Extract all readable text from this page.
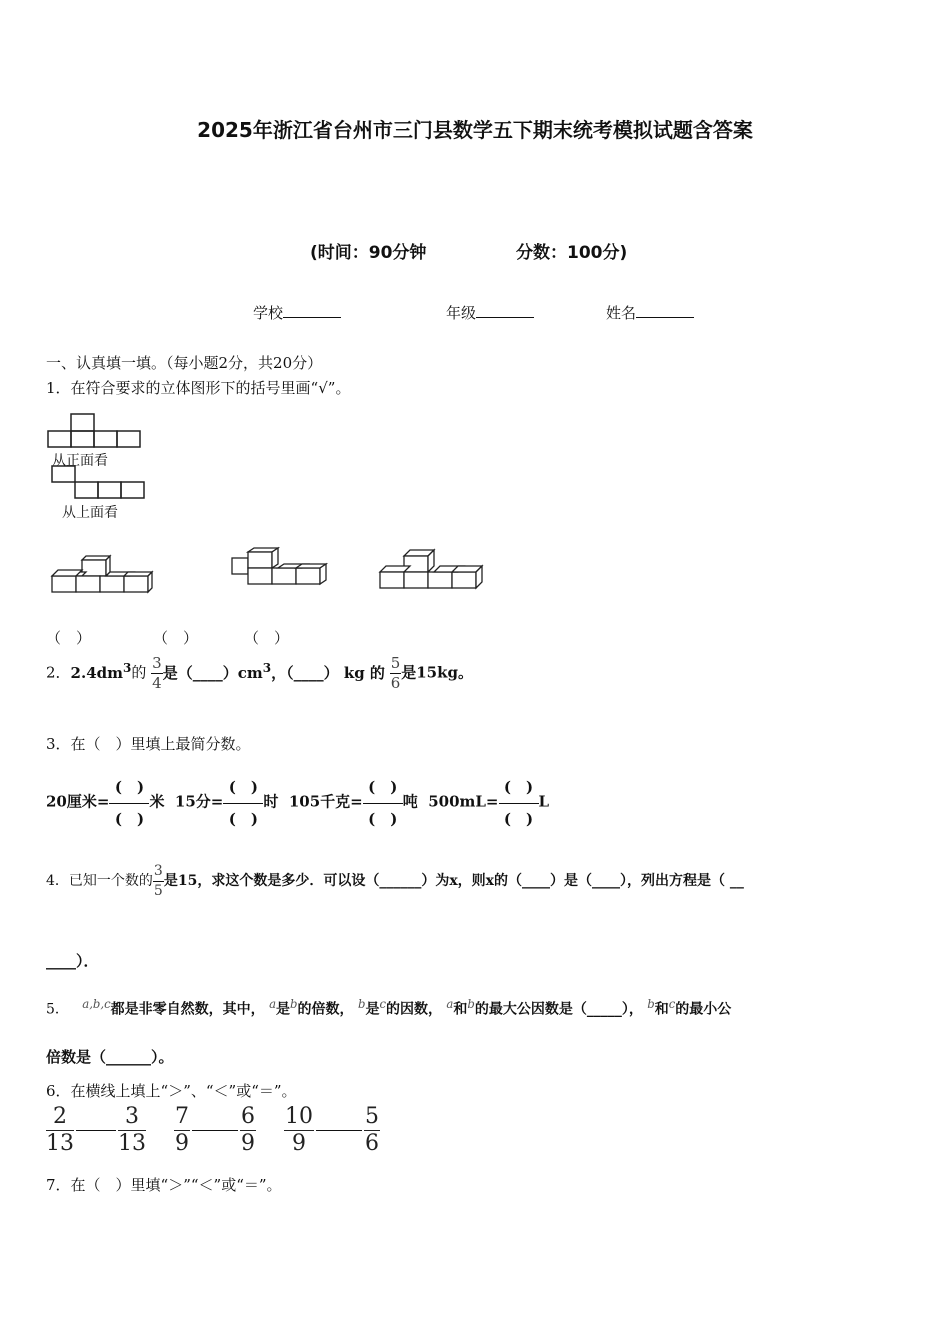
2025年浙江省台州市三门县数学五下期末统考模拟试题含答案
(时间：90分钟	分数：100分)
学校	年级	姓名
一、认真填一填。（每小题2分，共20分）
1．在符合要求的立体图形下的括号里画“√”。
从正面看
从上面看
（　）	（　）	（　）
2．$2.4dm^3$的 $\frac{3}{4}$ 是$(\_\_\_\_)cm^3$，（____） kg 的 $\frac{5}{6}$ 是15kg。
3．在（　）里填上最简分数。
20厘米=
(　)
(　)
米 15分=
(　)
(　)
时 105千克=
(　)
(　)
吨 500mL=
(　)
(　)
L
4．已知一个数的 $\frac{3}{5}$ 是15，求这个数是多少．可以设（______）为x，则x的（____）是（____），列出方程是（ __
____）．
5． $^{a,b,c}$都是非零自然数，其中， $^a$是$^b$的倍数， $^b$是$^c$的因数， $^a$和$^b$的最大公因数是（_____）， $^b$和$^c$的最小公
倍数是（______）。
6．在横线上填上“＞”、“＜”或“＝”。
$\frac{2}{13} \frac{3}{13}$
$\frac{7}{9} \frac{6}{9}$
$\frac{10}{9} \frac{5}{6}$
7．在（　）里填“＞”“＜”或“＝”。
